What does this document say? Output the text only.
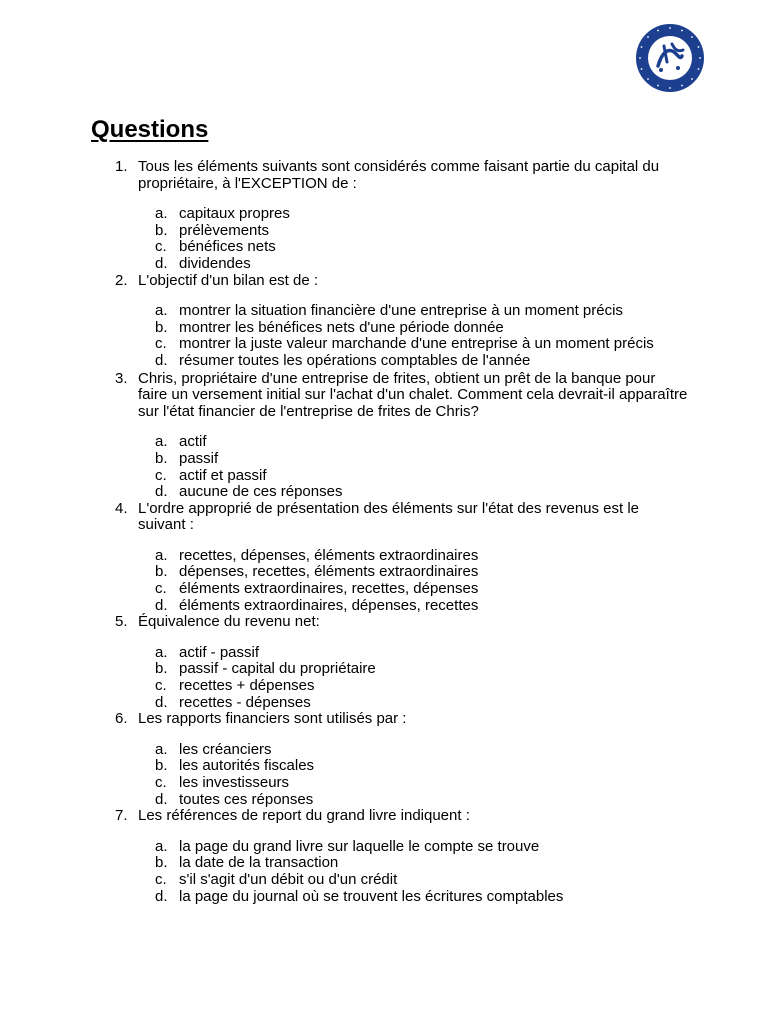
Questions
1. Tous les éléments suivants sont considérés comme faisant partie du capital du propriétaire, à l'EXCEPTION de :
a. capitaux propres
b. prélèvements
c. bénéfices nets
d. dividendes
2. L'objectif d'un bilan est de :
a. montrer la situation financière d'une entreprise à un moment précis
b. montrer les bénéfices nets d'une période donnée
c. montrer la juste valeur marchande d'une entreprise à un moment précis
d. résumer toutes les opérations comptables de l'année
3. Chris, propriétaire d'une entreprise de frites, obtient un prêt de la banque pour faire un versement initial sur l'achat d'un chalet. Comment cela devrait-il apparaître sur l'état financier de l'entreprise de frites de Chris?
a. actif
b. passif
c. actif et passif
d. aucune de ces réponses
4. L'ordre approprié de présentation des éléments sur l'état des revenus est le suivant :
a. recettes, dépenses, éléments extraordinaires
b. dépenses, recettes, éléments extraordinaires
c. éléments extraordinaires, recettes, dépenses
d. éléments extraordinaires, dépenses, recettes
5. Équivalence du revenu net:
a. actif - passif
b. passif - capital du propriétaire
c. recettes + dépenses
d. recettes - dépenses
6. Les rapports financiers sont utilisés par :
a. les créanciers
b. les autorités fiscales
c. les investisseurs
d. toutes ces réponses
7. Les références de report du grand livre indiquent :
a. la page du grand livre sur laquelle le compte se trouve
b. la date de la transaction
c. s'il s'agit d'un débit ou d'un crédit
d. la page du journal où se trouvent les écritures comptables
